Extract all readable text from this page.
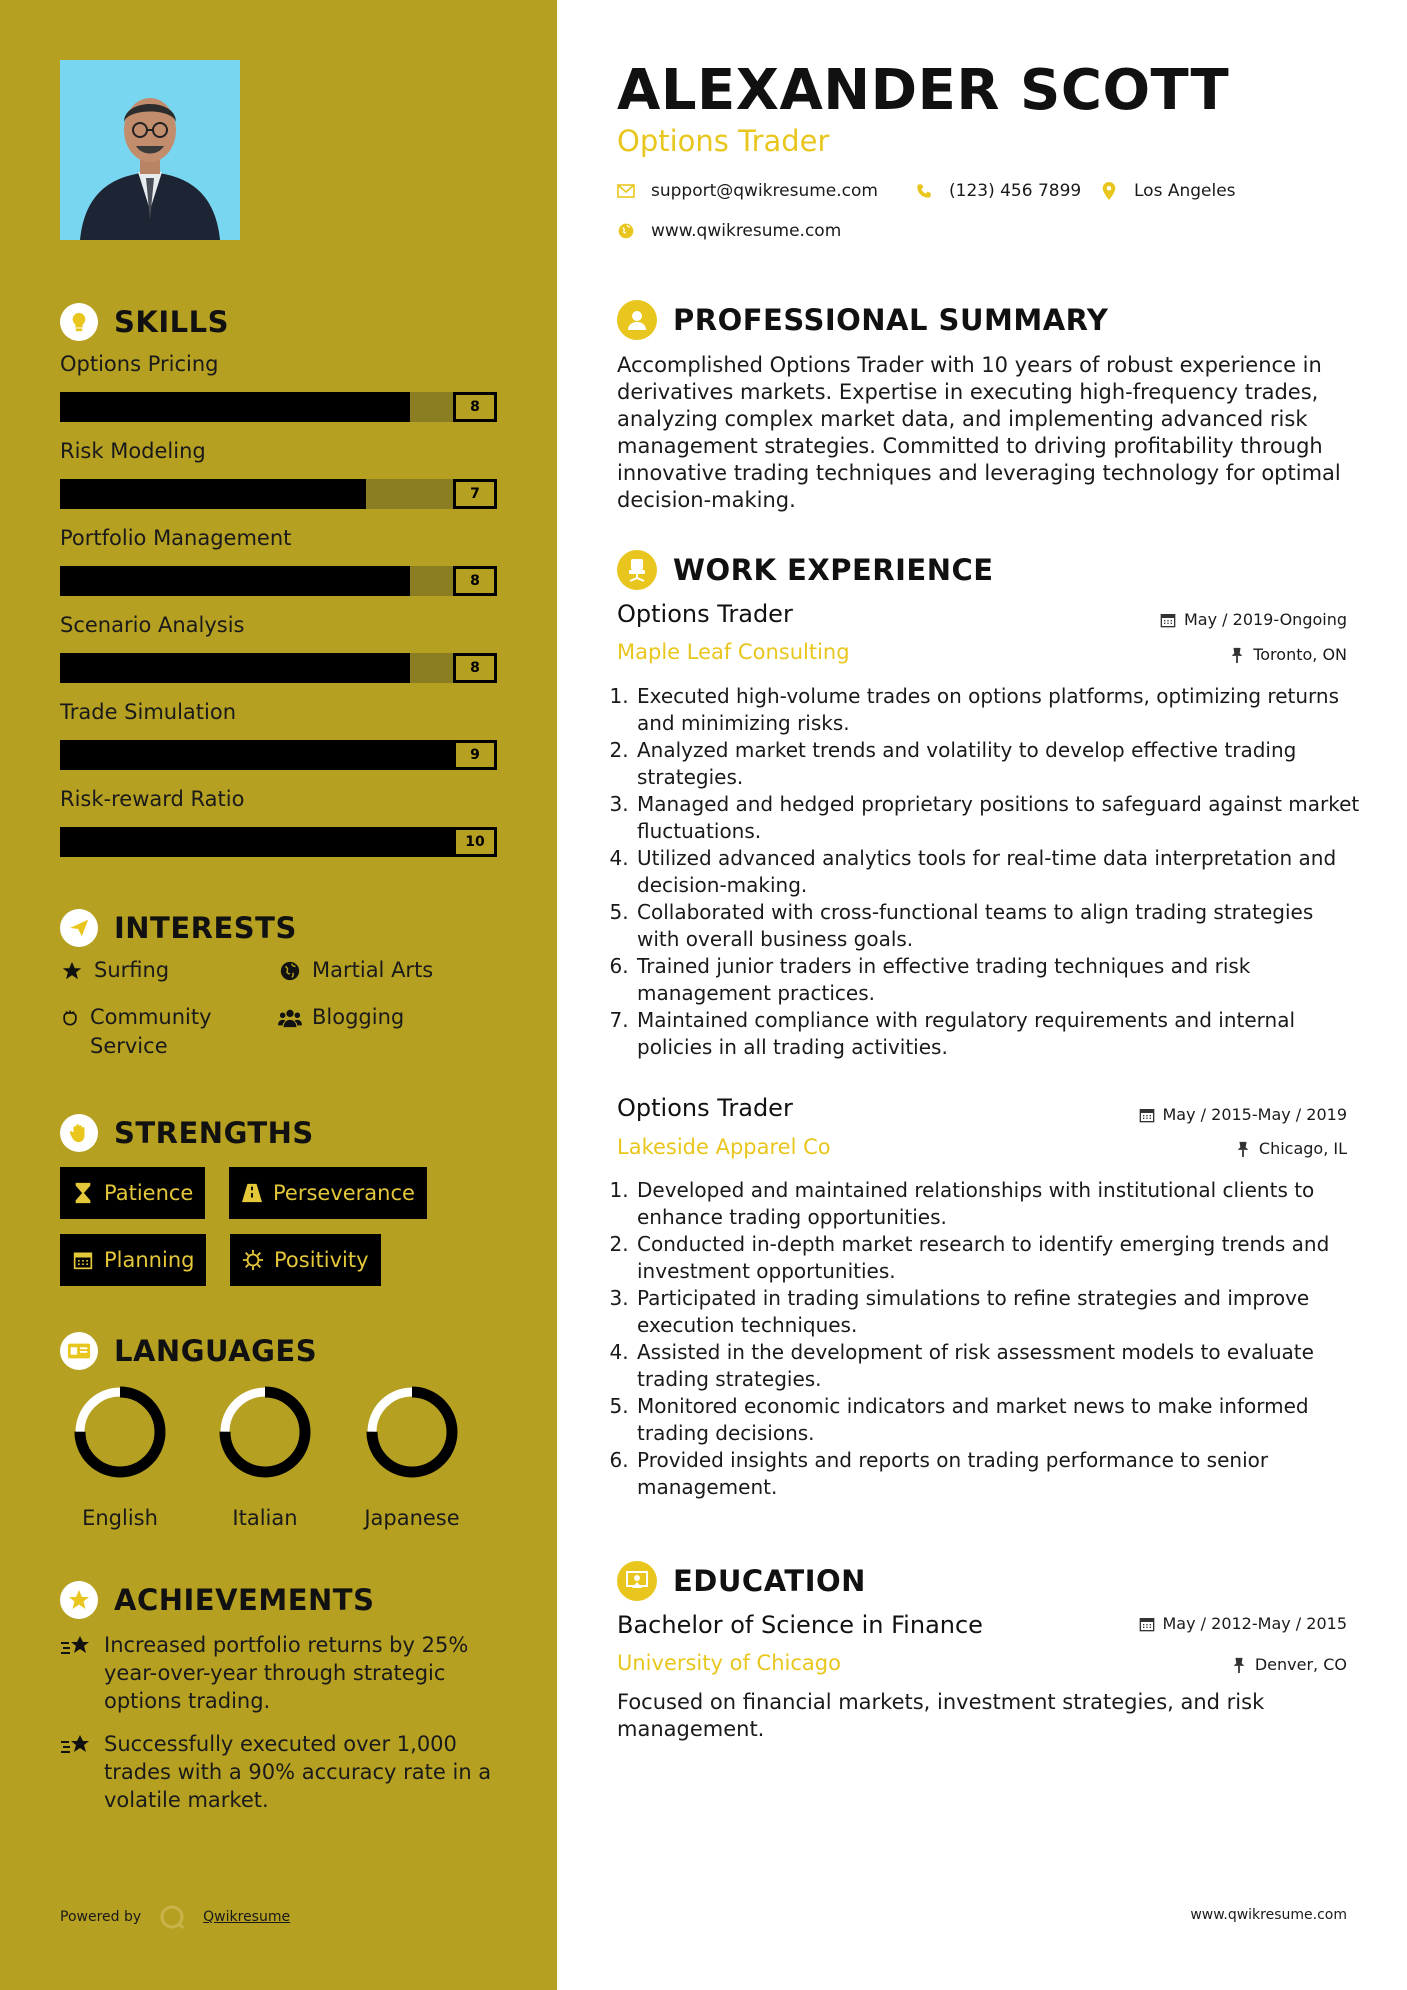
SKILLS
Options Pricing
8
Risk Modeling
7
Portfolio Management
8
Scenario Analysis
8
Trade Simulation
9
Risk-reward Ratio
10
INTERESTS
Surfing	Martial Arts
Community Service
Blogging
STRENGTHS
Patience	Perseverance
Planning	Positivity
LANGUAGES
English	Italian	Japanese
ACHIEVEMENTS
Increased portfolio returns by 25% year-over-year through strategic options trading.
Successfully executed over 1,000 trades with a 90% accuracy rate in a volatile market.
Powered by	Qwikresume
ALEXANDER SCOTT
Options Trader
support@qwikresume.com	(123) 456 7899	Los Angeles
www.qwikresume.com
PROFESSIONAL SUMMARY
Accomplished Options Trader with 10 years of robust experience in derivatives markets. Expertise in executing high-frequency trades, analyzing complex market data, and implementing advanced risk management strategies. Committed to driving profitability through innovative trading techniques and leveraging technology for optimal decision-making.
WORK EXPERIENCE
Options Trader	May / 2019-Ongoing
Maple Leaf Consulting	Toronto, ON
1. Executed high-volume trades on options platforms, optimizing returns and minimizing risks.
2. Analyzed market trends and volatility to develop effective trading strategies.
3. Managed and hedged proprietary positions to safeguard against market fluctuations.
4. Utilized advanced analytics tools for real-time data interpretation and decision-making.
5. Collaborated with cross-functional teams to align trading strategies with overall business goals.
6. Trained junior traders in effective trading techniques and risk management practices.
7. Maintained compliance with regulatory requirements and internal policies in all trading activities.
Options Trader	May / 2015-May / 2019
Lakeside Apparel Co	Chicago, IL
1. Developed and maintained relationships with institutional clients to enhance trading opportunities.
2. Conducted in-depth market research to identify emerging trends and investment opportunities.
3. Participated in trading simulations to refine strategies and improve execution techniques.
4. Assisted in the development of risk assessment models to evaluate trading strategies.
5. Monitored economic indicators and market news to make informed trading decisions.
6. Provided insights and reports on trading performance to senior management.
EDUCATION
Bachelor of Science in Finance	May / 2012-May / 2015
University of Chicago	Denver, CO
Focused on financial markets, investment strategies, and risk management.
www.qwikresume.com
